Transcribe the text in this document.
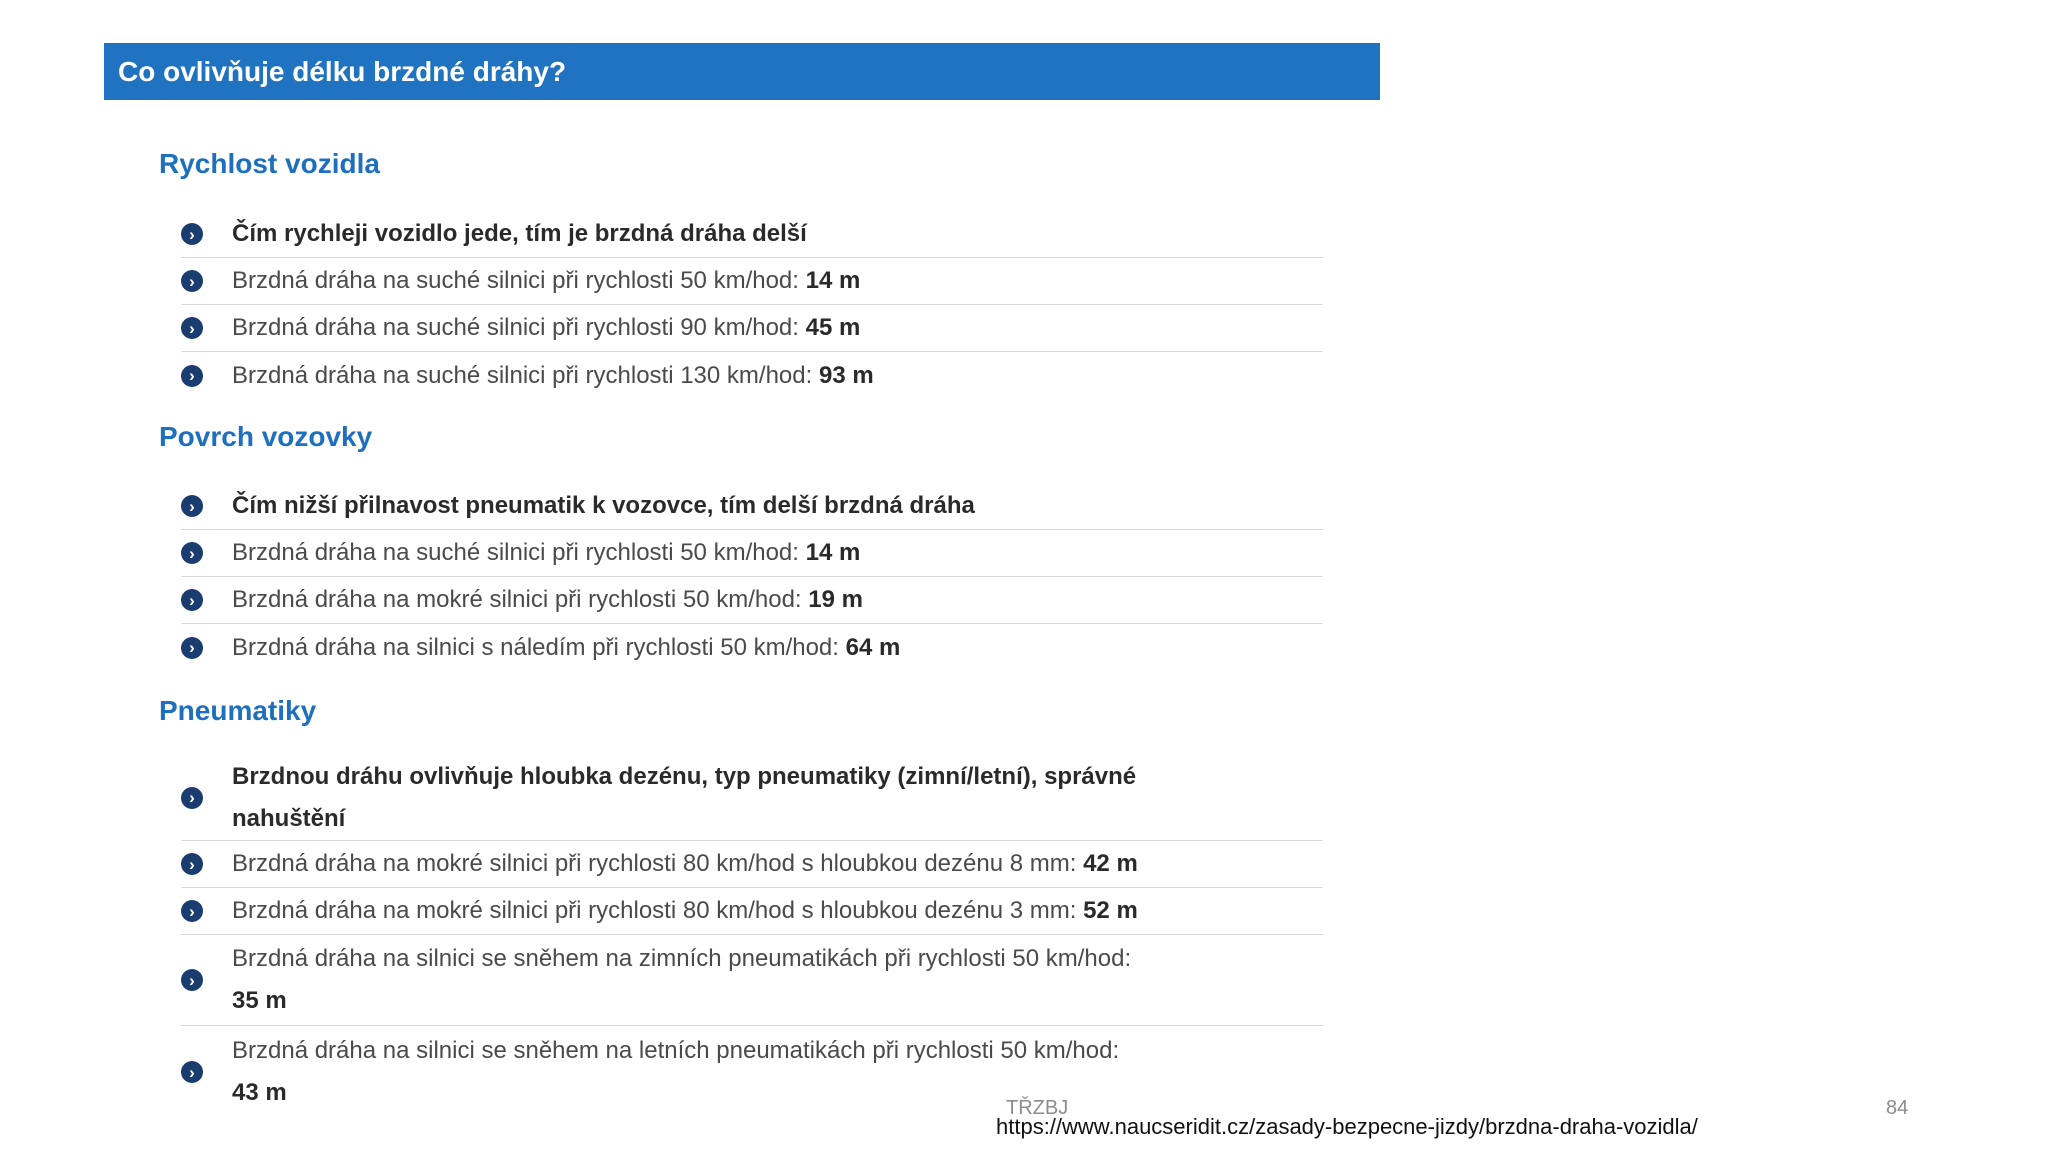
Co ovlivňuje délku brzdné dráhy?
Rychlost vozidla
›	Čím rychleji vozidlo jede, tím je brzdná dráha delší
›	Brzdná dráha na suché silnici při rychlosti 50 km/hod: 14 m
›	Brzdná dráha na suché silnici při rychlosti 90 km/hod: 45 m
›	Brzdná dráha na suché silnici při rychlosti 130 km/hod: 93 m
Povrch vozovky
›	Čím nižší přilnavost pneumatik k vozovce, tím delší brzdná dráha
›	Brzdná dráha na suché silnici při rychlosti 50 km/hod: 14 m
›	Brzdná dráha na mokré silnici při rychlosti 50 km/hod: 19 m
›	Brzdná dráha na silnici s náledím při rychlosti 50 km/hod: 64 m
Pneumatiky
›
Brzdnou dráhu ovlivňuje hloubka dezénu, typ pneumatiky (zimní/letní), správné
nahuštění
›	Brzdná dráha na mokré silnici při rychlosti 80 km/hod s hloubkou dezénu 8 mm: 42 m
›	Brzdná dráha na mokré silnici při rychlosti 80 km/hod s hloubkou dezénu 3 mm: 52 m
›
Brzdná dráha na silnici se sněhem na zimních pneumatikách při rychlosti 50 km/hod:
35 m
›
Brzdná dráha na silnici se sněhem na letních pneumatikách při rychlosti 50 km/hod:
43 m
TŘZBJ	84
https://www.naucseridit.cz/zasady-bezpecne-jizdy/brzdna-draha-vozidla/
